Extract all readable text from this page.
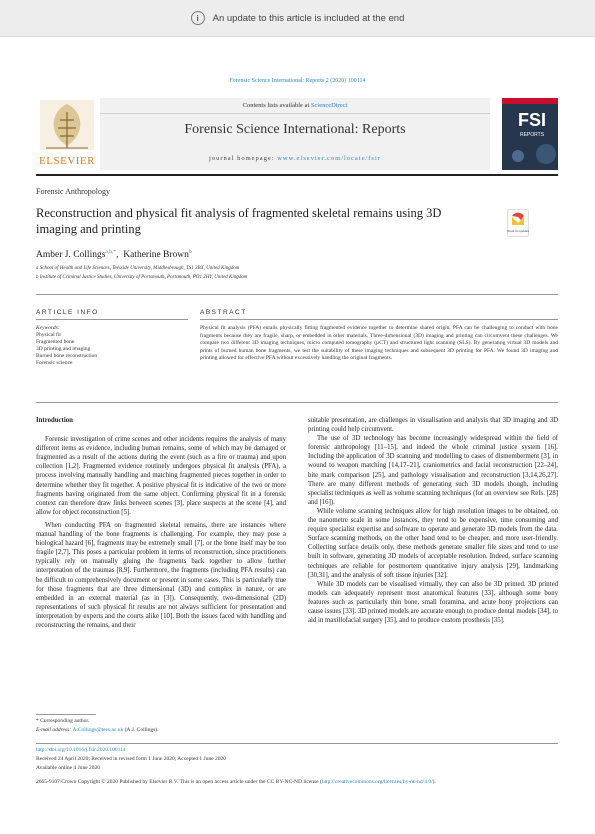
i	An update to this article is included at the end
Forensic Science International: Reports 2 (2020) 100114
ELSEVIER
Contents lists available at ScienceDirect
Forensic Science International: Reports
journal homepage: www.elsevier.com/locate/fsir
FSI
REPORTS
Forensic Anthropology
Reconstruction and physical fit analysis of fragmented skeletal remains using 3D imaging and printing	Check for updates
Amber J. Collings$^{a,b,*}$,  Katherine Brown$^b$
a School of Health and Life Sciences, Teesside University, Middlesbrough, TS1 3BX, United Kingdom
b Institute of Criminal Justice Studies, University of Portsmouth, Portsmouth, PO1 2HY, United Kingdom
ARTICLE INFO	ABSTRACT
Keywords:
Physical fit
Fragmented bone
3D printing and imaging
Burned bone reconstruction
Forensic science
Physical fit analysis (PFA) entails physically fitting fragmented evidence together to determine shared origin. PFA can be challenging to conduct with bone fragments because they are fragile, sharp, or embedded in other materials. Three-dimensional (3D) imaging and printing can circumvent these challenges. We compare two different 3D imaging techniques, micro computed tomography (µCT) and structured light scanning (SLS). By generating virtual 3D models and prints of burned human bone fragments, we test the suitability of these imaging techniques and subsequent 3D printing for PFA. We found 3D imaging and printing allowed for effective PFA without excessively handling the original fragments.

Introduction

Forensic investigation of crime scenes and other incidents requires the analysis of many different items as evidence, including human remains, some of which may be damaged or fragmented as a result of the actions during the event (such as a fire or trauma) and upon collection [1,2]. Fragmented evidence routinely undergoes physical fit analysis (PFA), a process involving manually handling and matching fragmented pieces together in order to determine whether they fit together. A positive physical fit is indicative of the two or more fragments having originated from the same object. Confirming physical fit in a forensic context can therefore draw links between scenes [3], place suspects at the scene [4], and allow for object reconstruction [5].

When conducting PFA on fragmented skeletal remains, there are instances where manual handling of the bone fragments is challenging. For example, they may pose a biological hazard [6], fragments may be extremely small [7], or the bone itself may be too fragile [2,7]. This poses a particular problem in terms of reconstruction, since practitioners typically rely on manually gluing the fragments back together to allow further interpretation of the traumas [8,9]. Furthermore, the fragments (including PFA results) can be difficult to comprehensively document or present in some cases. This is particularly true for those fragments that are three dimensional (3D) and complex in nature, or are embedded in an external material (as in [3]). Consequently, two-dimensional (2D) representations of such physical fit results are not always sufficient for presentation and interpretation by experts and the courts alike [10]. Both the issues faced with handling and reconstructing the remains, and their

suitable presentation, are challenges in visualisation and analysis that 3D imaging and 3D printing could help circumvent.

The use of 3D technology has become increasingly widespread within the field of forensic anthropology [11–15], and indeed the whole criminal justice system [16]. Including the application of 3D scanning and modelling to cases of dismemberment [3], in wound to weapon matching [14,17–21], craniometrics and facial reconstruction [22–24], bite mark comparison [25], and pathology visualisation and reconstruction [3,14,26,27]. There are many different methods of generating such 3D models though, including specialist techniques as well as volume scanning techniques (for an overview see Refs. [28] and [16]).

While volume scanning techniques allow for high resolution images to be obtained, on the nanometre scale in some instances, they tend to be expensive, time consuming and require specialist expertise and software to operate and generate 3D models from the data. Surface scanning methods, on the other hand tend to be cheaper, and more user-friendly. Collecting surface details only, these methods generate smaller file sizes and tend to use built in software, generating 3D models of acceptable resolution. Indeed, surface scanning techniques are reliable for postmortem quantitative injury analysis [29], landmarking [30,31], and the analysis of soft tissue injuries [32].

While 3D models can be visualised virtually, they can also be 3D printed. 3D printed models can adequately represent most anatomical features [33], although some bony features such as particularly thin bone, small foramina, and acute bony projections can cause issues [33]. 3D printed models are accurate enough to produce dental models [34], to aid in maxillofacial surgery [35], and to produce custom prosthesis [35].

* Corresponding author.
E-mail address: A.Collings@tees.ac.uk (A.J. Collings).
http://doi.org/10.1016/j.fsir.2020.100114
Received 24 April 2020; Received in revised form 1 June 2020; Accepted 1 June 2020
Available online 4 June 2020
2665-9107/Crown Copyright © 2020 Published by Elsevier B.V. This is an open access article under the CC BY-NC-ND license (http://creativecommons.org/licenses/by-nc-nd/4.0/).
